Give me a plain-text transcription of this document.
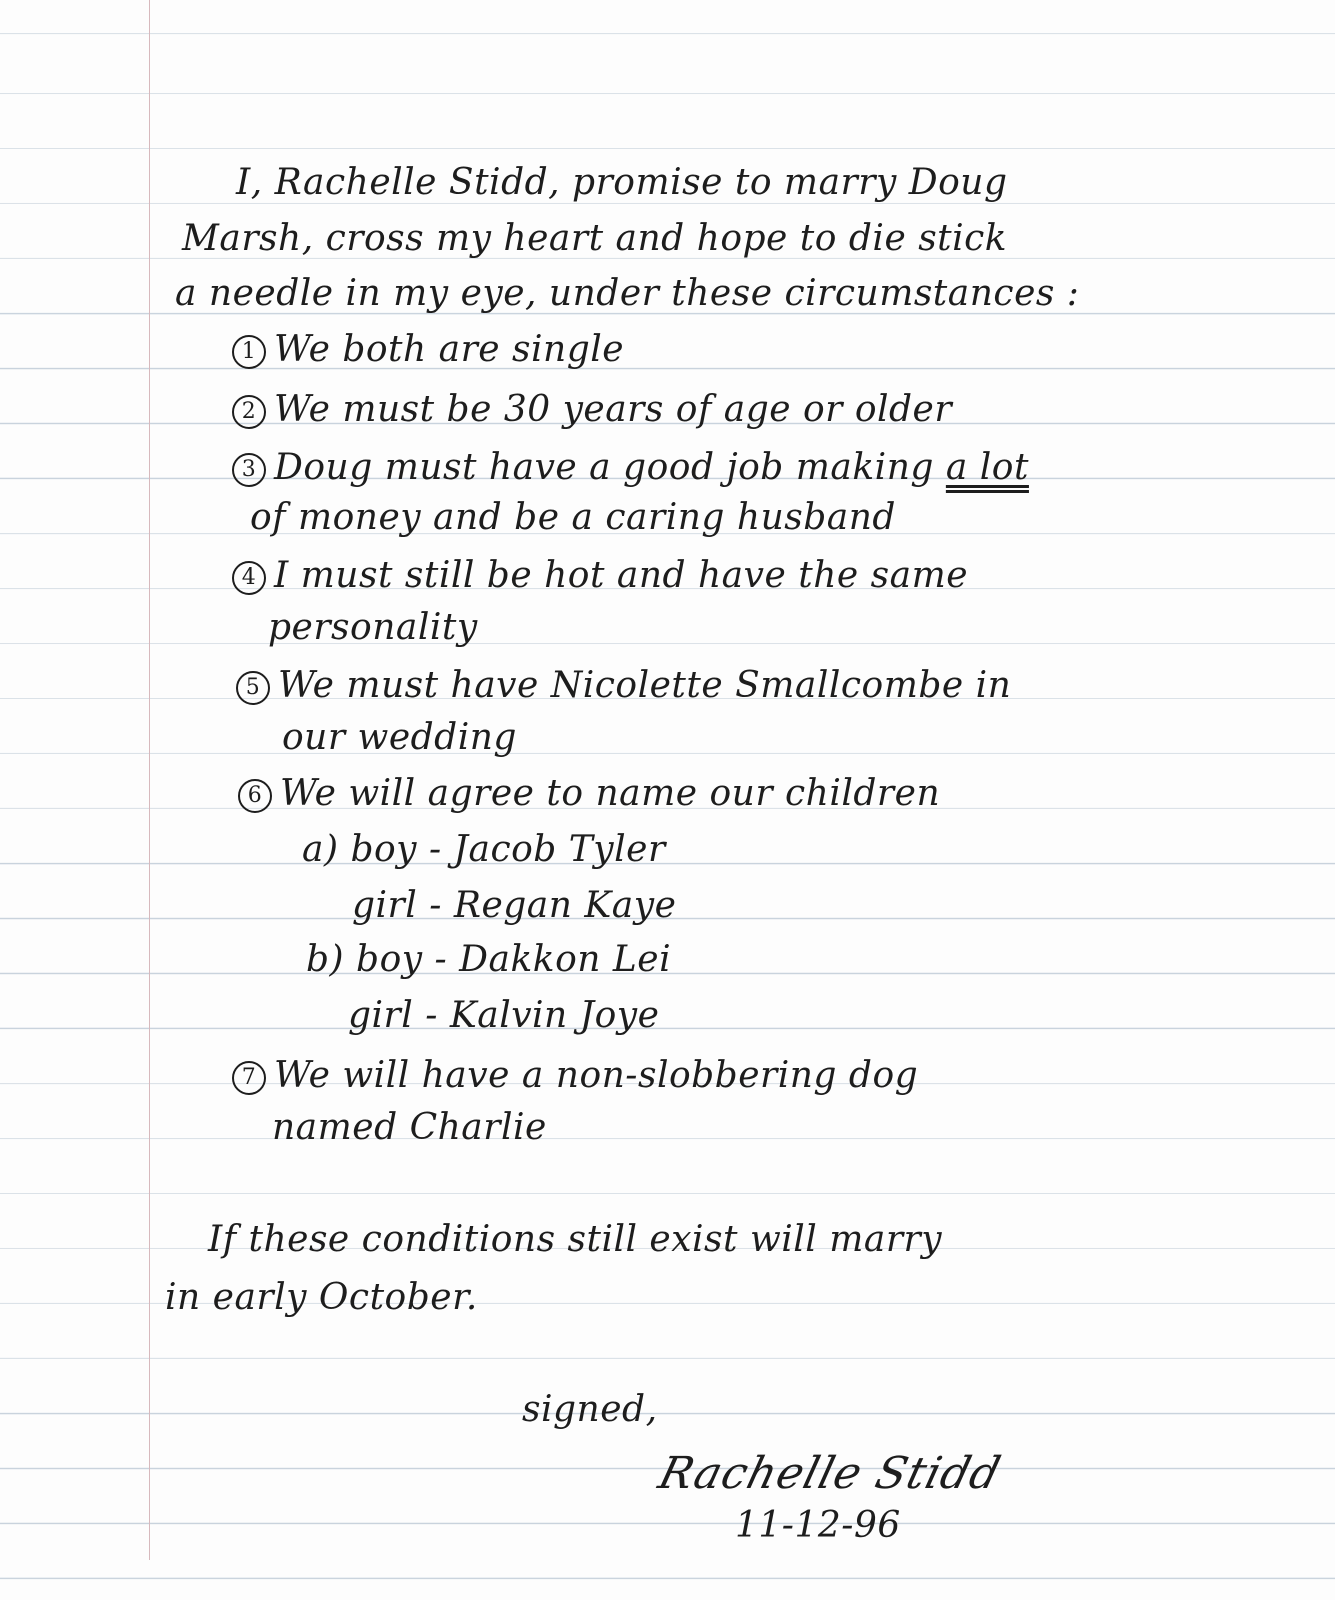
I, Rachelle Stidd, promise to marry Doug
Marsh, cross my heart and hope to die stick
a needle in my eye, under these circumstances :
1 We both are single
2 We must be 30 years of age or older
3 Doug must have a good job making a lot
of money and be a caring husband
4 I must still be hot and have the same
personality
5 We must have Nicolette Smallcombe in
our wedding
6 We will agree to name our children
a) boy - Jacob Tyler
girl - Regan Kaye
b) boy - Dakkon Lei
girl - Kalvin Joye
7 We will have a non-slobbering dog
named Charlie
If these conditions still exist will marry
in early October.
signed,
Rachelle Stidd
11-12-96
